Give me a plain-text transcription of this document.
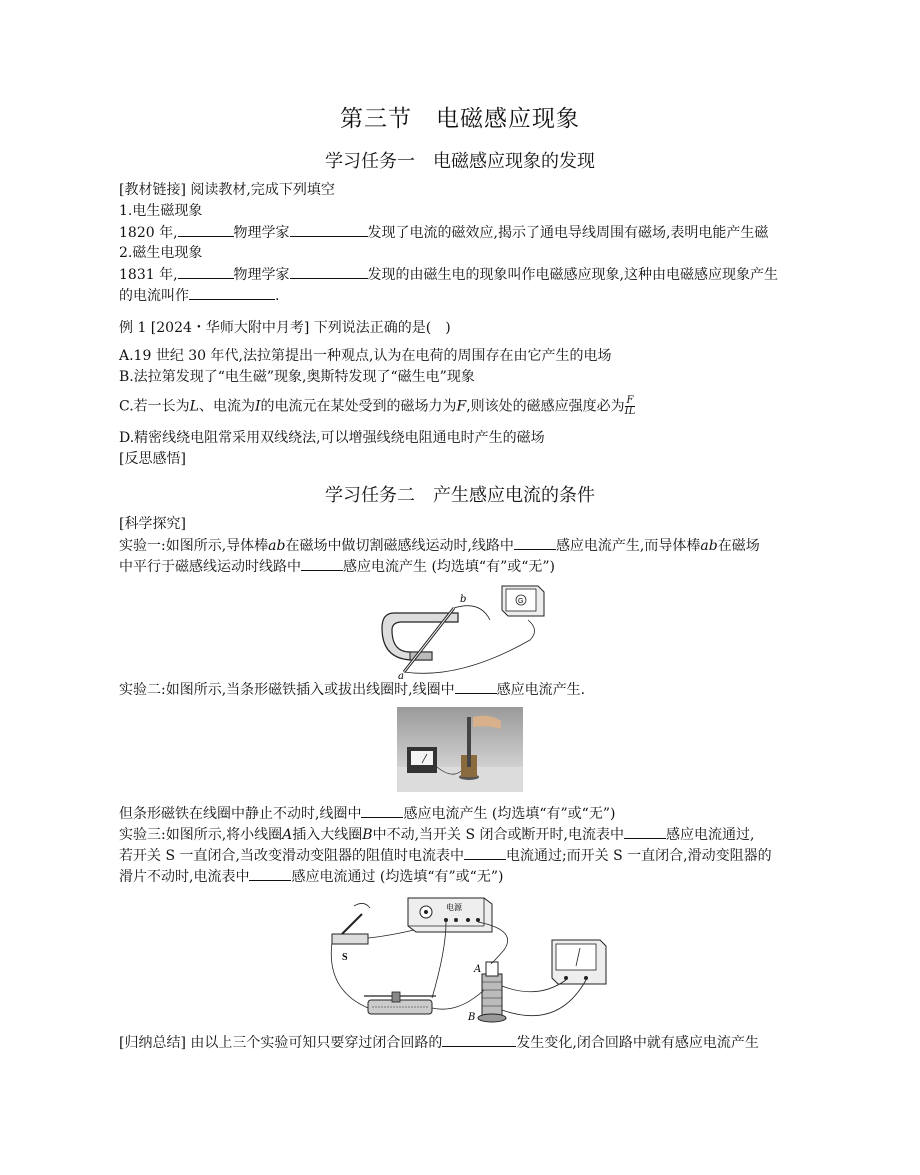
第三节　电磁感应现象
学习任务一　电磁感应现象的发现
[教材链接] 阅读教材,完成下列填空
1.电生磁现象
1820 年,	物理学家	发现了电流的磁效应,揭示了通电导线周围有磁场,表明电能产生磁
2.磁生电现象
1831 年,	物理学家	发现的由磁生电的现象叫作电磁感应现象,这种由电磁感应现象产生
的电流叫作	.
例 1 [2024・华师大附中月考] 下列说法正确的是(　)
A.19 世纪 30 年代,法拉第提出一种观点,认为在电荷的周围存在由它产生的电场
B.法拉第发现了“电生磁”现象,奥斯特发现了“磁生电”现象
C.若一长为L、电流为I的电流元在某处受到的磁场力为F,则该处的磁感应强度必为 $\frac{F}{IL}$
D.精密线绕电阻常采用双线绕法,可以增强线绕电阻通电时产生的磁场
[反思感悟]
学习任务二　产生感应电流的条件
[科学探究]
实验一:如图所示,导体棒ab在磁场中做切割磁感线运动时,线路中	感应电流产生,而导体棒ab在磁场
中平行于磁感线运动时线路中	感应电流产生 (均选填“有”或“无”)
G
b
a
实验二:如图所示,当条形磁铁插入或拔出线圈时,线圈中	感应电流产生.
但条形磁铁在线圈中静止不动时,线圈中	感应电流产生 (均选填“有”或“无”)
实验三:如图所示,将小线圈A插入大线圈B中不动,当开关 S 闭合或断开时,电流表中	感应电流通过,
若开关 S 一直闭合,当改变滑动变阻器的阻值时电流表中	电流通过;而开关 S 一直闭合,滑动变阻器的
滑片不动时,电流表中	感应电流通过 (均选填“有”或“无”)
电源
S
A
B
[归纳总结] 由以上三个实验可知只要穿过闭合回路的	发生变化,闭合回路中就有感应电流产生
